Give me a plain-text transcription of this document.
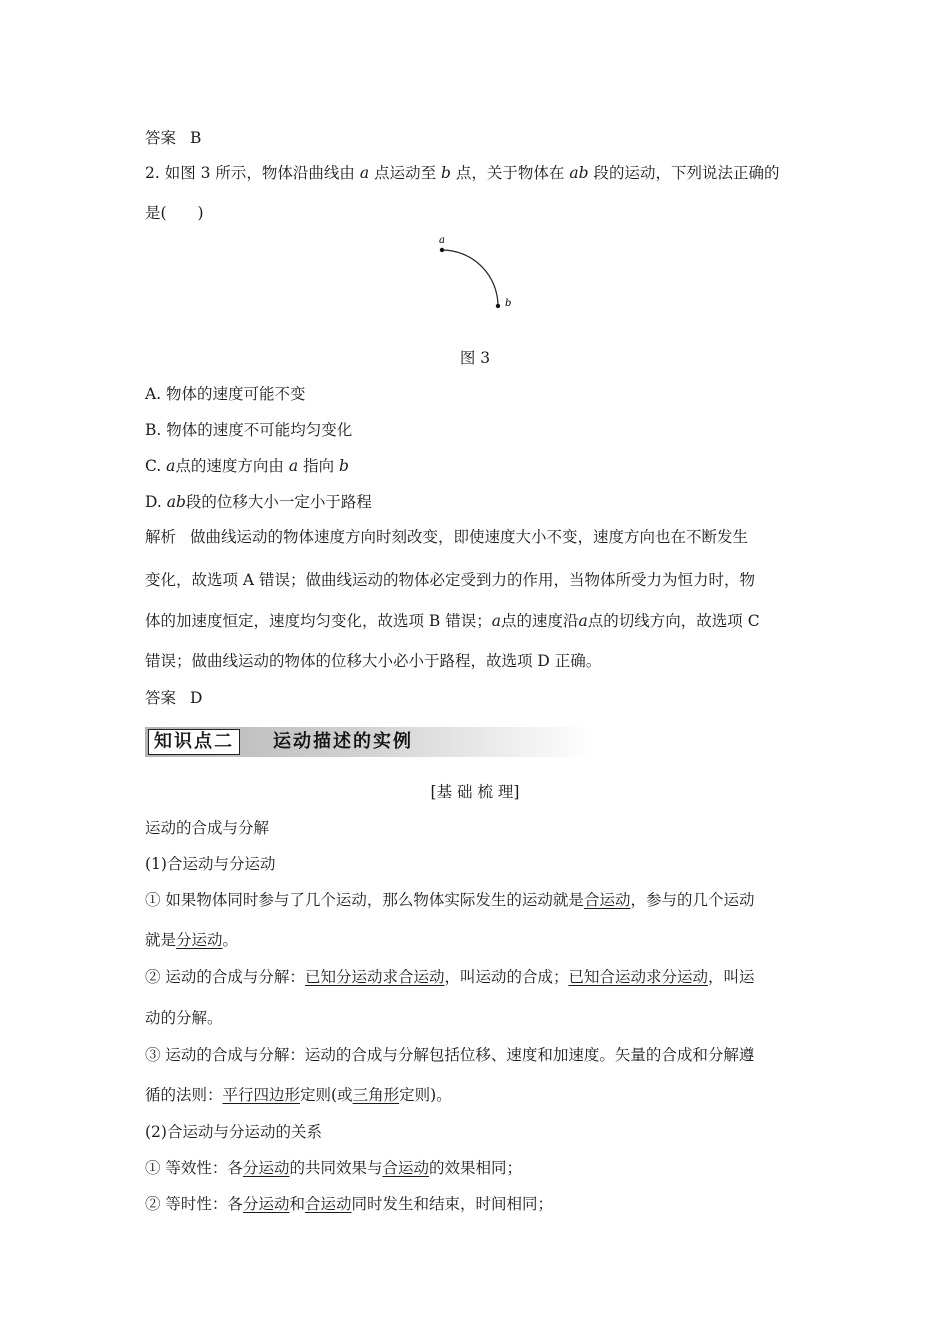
答案 B
2. 如图 3 所示，物体沿曲线由 a 点运动至 b 点，关于物体在 ab 段的运动，下列说法正确的
是(　　)
a
b
图 3
A. 物体的速度可能不变
B. 物体的速度不可能均匀变化
C. a点的速度方向由 a 指向 b
D. ab段的位移大小一定小于路程
解析 做曲线运动的物体速度方向时刻改变，即使速度大小不变，速度方向也在不断发生
变化，故选项 A 错误；做曲线运动的物体必定受到力的作用，当物体所受力为恒力时，物
体的加速度恒定，速度均匀变化，故选项 B 错误；a点的速度沿a点的切线方向，故选项 C
错误；做曲线运动的物体的位移大小必小于路程，故选项 D 正确。
答案 D
知识点二	运动描述的实例
[基 础 梳 理]
运动的合成与分解
(1)合运动与分运动
① 如果物体同时参与了几个运动，那么物体实际发生的运动就是合运动，参与的几个运动
就是分运动。
② 运动的合成与分解：已知分运动求合运动，叫运动的合成；已知合运动求分运动，叫运
动的分解。
③ 运动的合成与分解：运动的合成与分解包括位移、速度和加速度。矢量的合成和分解遵
循的法则：平行四边形定则(或三角形定则)。
(2)合运动与分运动的关系
① 等效性：各分运动的共同效果与合运动的效果相同；
② 等时性：各分运动和合运动同时发生和结束，时间相同；
